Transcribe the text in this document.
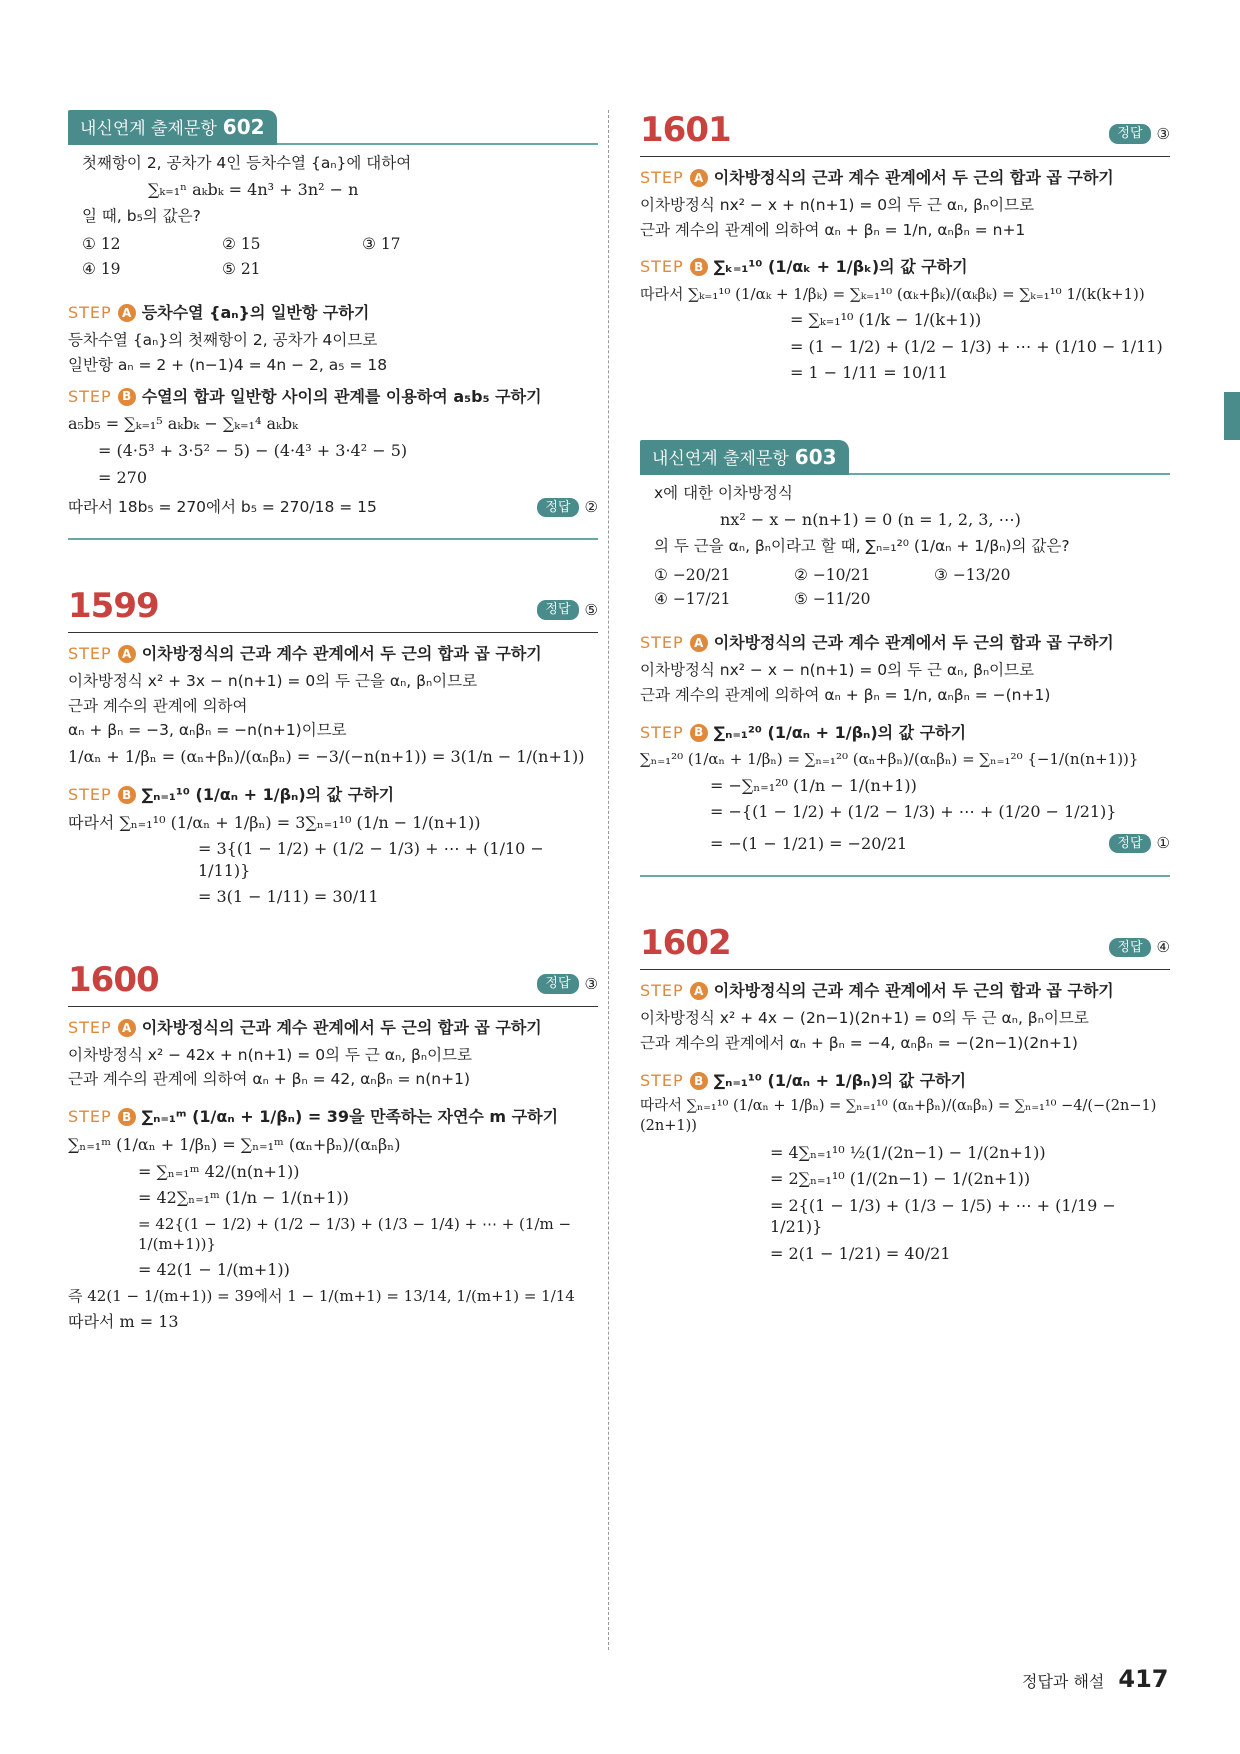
내신연계 출제문항 602
첫째항이 2, 공차가 4인 등차수열 {aₙ}에 대하여
∑ₖ₌₁ⁿ aₖbₖ = 4n³ + 3n² − n
일 때, b₅의 값은?
① 12	② 15	③ 17
④ 19	⑤ 21
STEP A 등차수열 {aₙ}의 일반항 구하기
등차수열 {aₙ}의 첫째항이 2, 공차가 4이므로
일반항 aₙ = 2 + (n−1)4 = 4n − 2, a₅ = 18
STEP B 수열의 합과 일반항 사이의 관계를 이용하여 a₅b₅ 구하기
a₅b₅ = ∑ₖ₌₁⁵ aₖbₖ − ∑ₖ₌₁⁴ aₖbₖ
= (4·5³ + 3·5² − 5) − (4·4³ + 3·4² − 5)
= 270
따라서 18b₅ = 270에서 b₅ = 270/18 = 15	정답 ②
1599	정답 ⑤
STEP A 이차방정식의 근과 계수 관계에서 두 근의 합과 곱 구하기
이차방정식 x² + 3x − n(n+1) = 0의 두 근을 αₙ, βₙ이므로
근과 계수의 관계에 의하여
αₙ + βₙ = −3, αₙβₙ = −n(n+1)이므로
1/αₙ + 1/βₙ = (αₙ+βₙ)/(αₙβₙ) = −3/(−n(n+1)) = 3(1/n − 1/(n+1))
STEP B ∑ₙ₌₁¹⁰ (1/αₙ + 1/βₙ)의 값 구하기
따라서 ∑ₙ₌₁¹⁰ (1/αₙ + 1/βₙ) = 3∑ₙ₌₁¹⁰ (1/n − 1/(n+1))
= 3{(1 − 1/2) + (1/2 − 1/3) + ⋯ + (1/10 − 1/11)}
= 3(1 − 1/11) = 30/11
1600	정답 ③
STEP A 이차방정식의 근과 계수 관계에서 두 근의 합과 곱 구하기
이차방정식 x² − 42x + n(n+1) = 0의 두 근 αₙ, βₙ이므로
근과 계수의 관계에 의하여 αₙ + βₙ = 42, αₙβₙ = n(n+1)
STEP B ∑ₙ₌₁ᵐ (1/αₙ + 1/βₙ) = 39을 만족하는 자연수 m 구하기
∑ₙ₌₁ᵐ (1/αₙ + 1/βₙ) = ∑ₙ₌₁ᵐ (αₙ+βₙ)/(αₙβₙ)
= ∑ₙ₌₁ᵐ 42/(n(n+1))
= 42∑ₙ₌₁ᵐ (1/n − 1/(n+1))
= 42{(1 − 1/2) + (1/2 − 1/3) + (1/3 − 1/4) + ⋯ + (1/m − 1/(m+1))}
= 42(1 − 1/(m+1))
즉 42(1 − 1/(m+1)) = 39에서 1 − 1/(m+1) = 13/14, 1/(m+1) = 1/14
따라서 m = 13
1601	정답 ③
STEP A 이차방정식의 근과 계수 관계에서 두 근의 합과 곱 구하기
이차방정식 nx² − x + n(n+1) = 0의 두 근 αₙ, βₙ이므로
근과 계수의 관계에 의하여 αₙ + βₙ = 1/n, αₙβₙ = n+1
STEP B ∑ₖ₌₁¹⁰ (1/αₖ + 1/βₖ)의 값 구하기
따라서 ∑ₖ₌₁¹⁰ (1/αₖ + 1/βₖ) = ∑ₖ₌₁¹⁰ (αₖ+βₖ)/(αₖβₖ) = ∑ₖ₌₁¹⁰ 1/(k(k+1))
= ∑ₖ₌₁¹⁰ (1/k − 1/(k+1))
= (1 − 1/2) + (1/2 − 1/3) + ⋯ + (1/10 − 1/11)
= 1 − 1/11 = 10/11
내신연계 출제문항 603
x에 대한 이차방정식
nx² − x − n(n+1) = 0 (n = 1, 2, 3, ⋯)
의 두 근을 αₙ, βₙ이라고 할 때, ∑ₙ₌₁²⁰ (1/αₙ + 1/βₙ)의 값은?
① −20/21	② −10/21	③ −13/20
④ −17/21	⑤ −11/20
STEP A 이차방정식의 근과 계수 관계에서 두 근의 합과 곱 구하기
이차방정식 nx² − x − n(n+1) = 0의 두 근 αₙ, βₙ이므로
근과 계수의 관계에 의하여 αₙ + βₙ = 1/n, αₙβₙ = −(n+1)
STEP B ∑ₙ₌₁²⁰ (1/αₙ + 1/βₙ)의 값 구하기
∑ₙ₌₁²⁰ (1/αₙ + 1/βₙ) = ∑ₙ₌₁²⁰ (αₙ+βₙ)/(αₙβₙ) = ∑ₙ₌₁²⁰ {−1/(n(n+1))}
= −∑ₙ₌₁²⁰ (1/n − 1/(n+1))
= −{(1 − 1/2) + (1/2 − 1/3) + ⋯ + (1/20 − 1/21)}
= −(1 − 1/21) = −20/21	정답 ①
1602	정답 ④
STEP A 이차방정식의 근과 계수 관계에서 두 근의 합과 곱 구하기
이차방정식 x² + 4x − (2n−1)(2n+1) = 0의 두 근 αₙ, βₙ이므로
근과 계수의 관계에서 αₙ + βₙ = −4, αₙβₙ = −(2n−1)(2n+1)
STEP B ∑ₙ₌₁¹⁰ (1/αₙ + 1/βₙ)의 값 구하기
따라서 ∑ₙ₌₁¹⁰ (1/αₙ + 1/βₙ) = ∑ₙ₌₁¹⁰ (αₙ+βₙ)/(αₙβₙ) = ∑ₙ₌₁¹⁰ −4/(−(2n−1)(2n+1))
= 4∑ₙ₌₁¹⁰ ½(1/(2n−1) − 1/(2n+1))
= 2∑ₙ₌₁¹⁰ (1/(2n−1) − 1/(2n+1))
= 2{(1 − 1/3) + (1/3 − 1/5) + ⋯ + (1/19 − 1/21)}
= 2(1 − 1/21) = 40/21
정답과 해설 417
